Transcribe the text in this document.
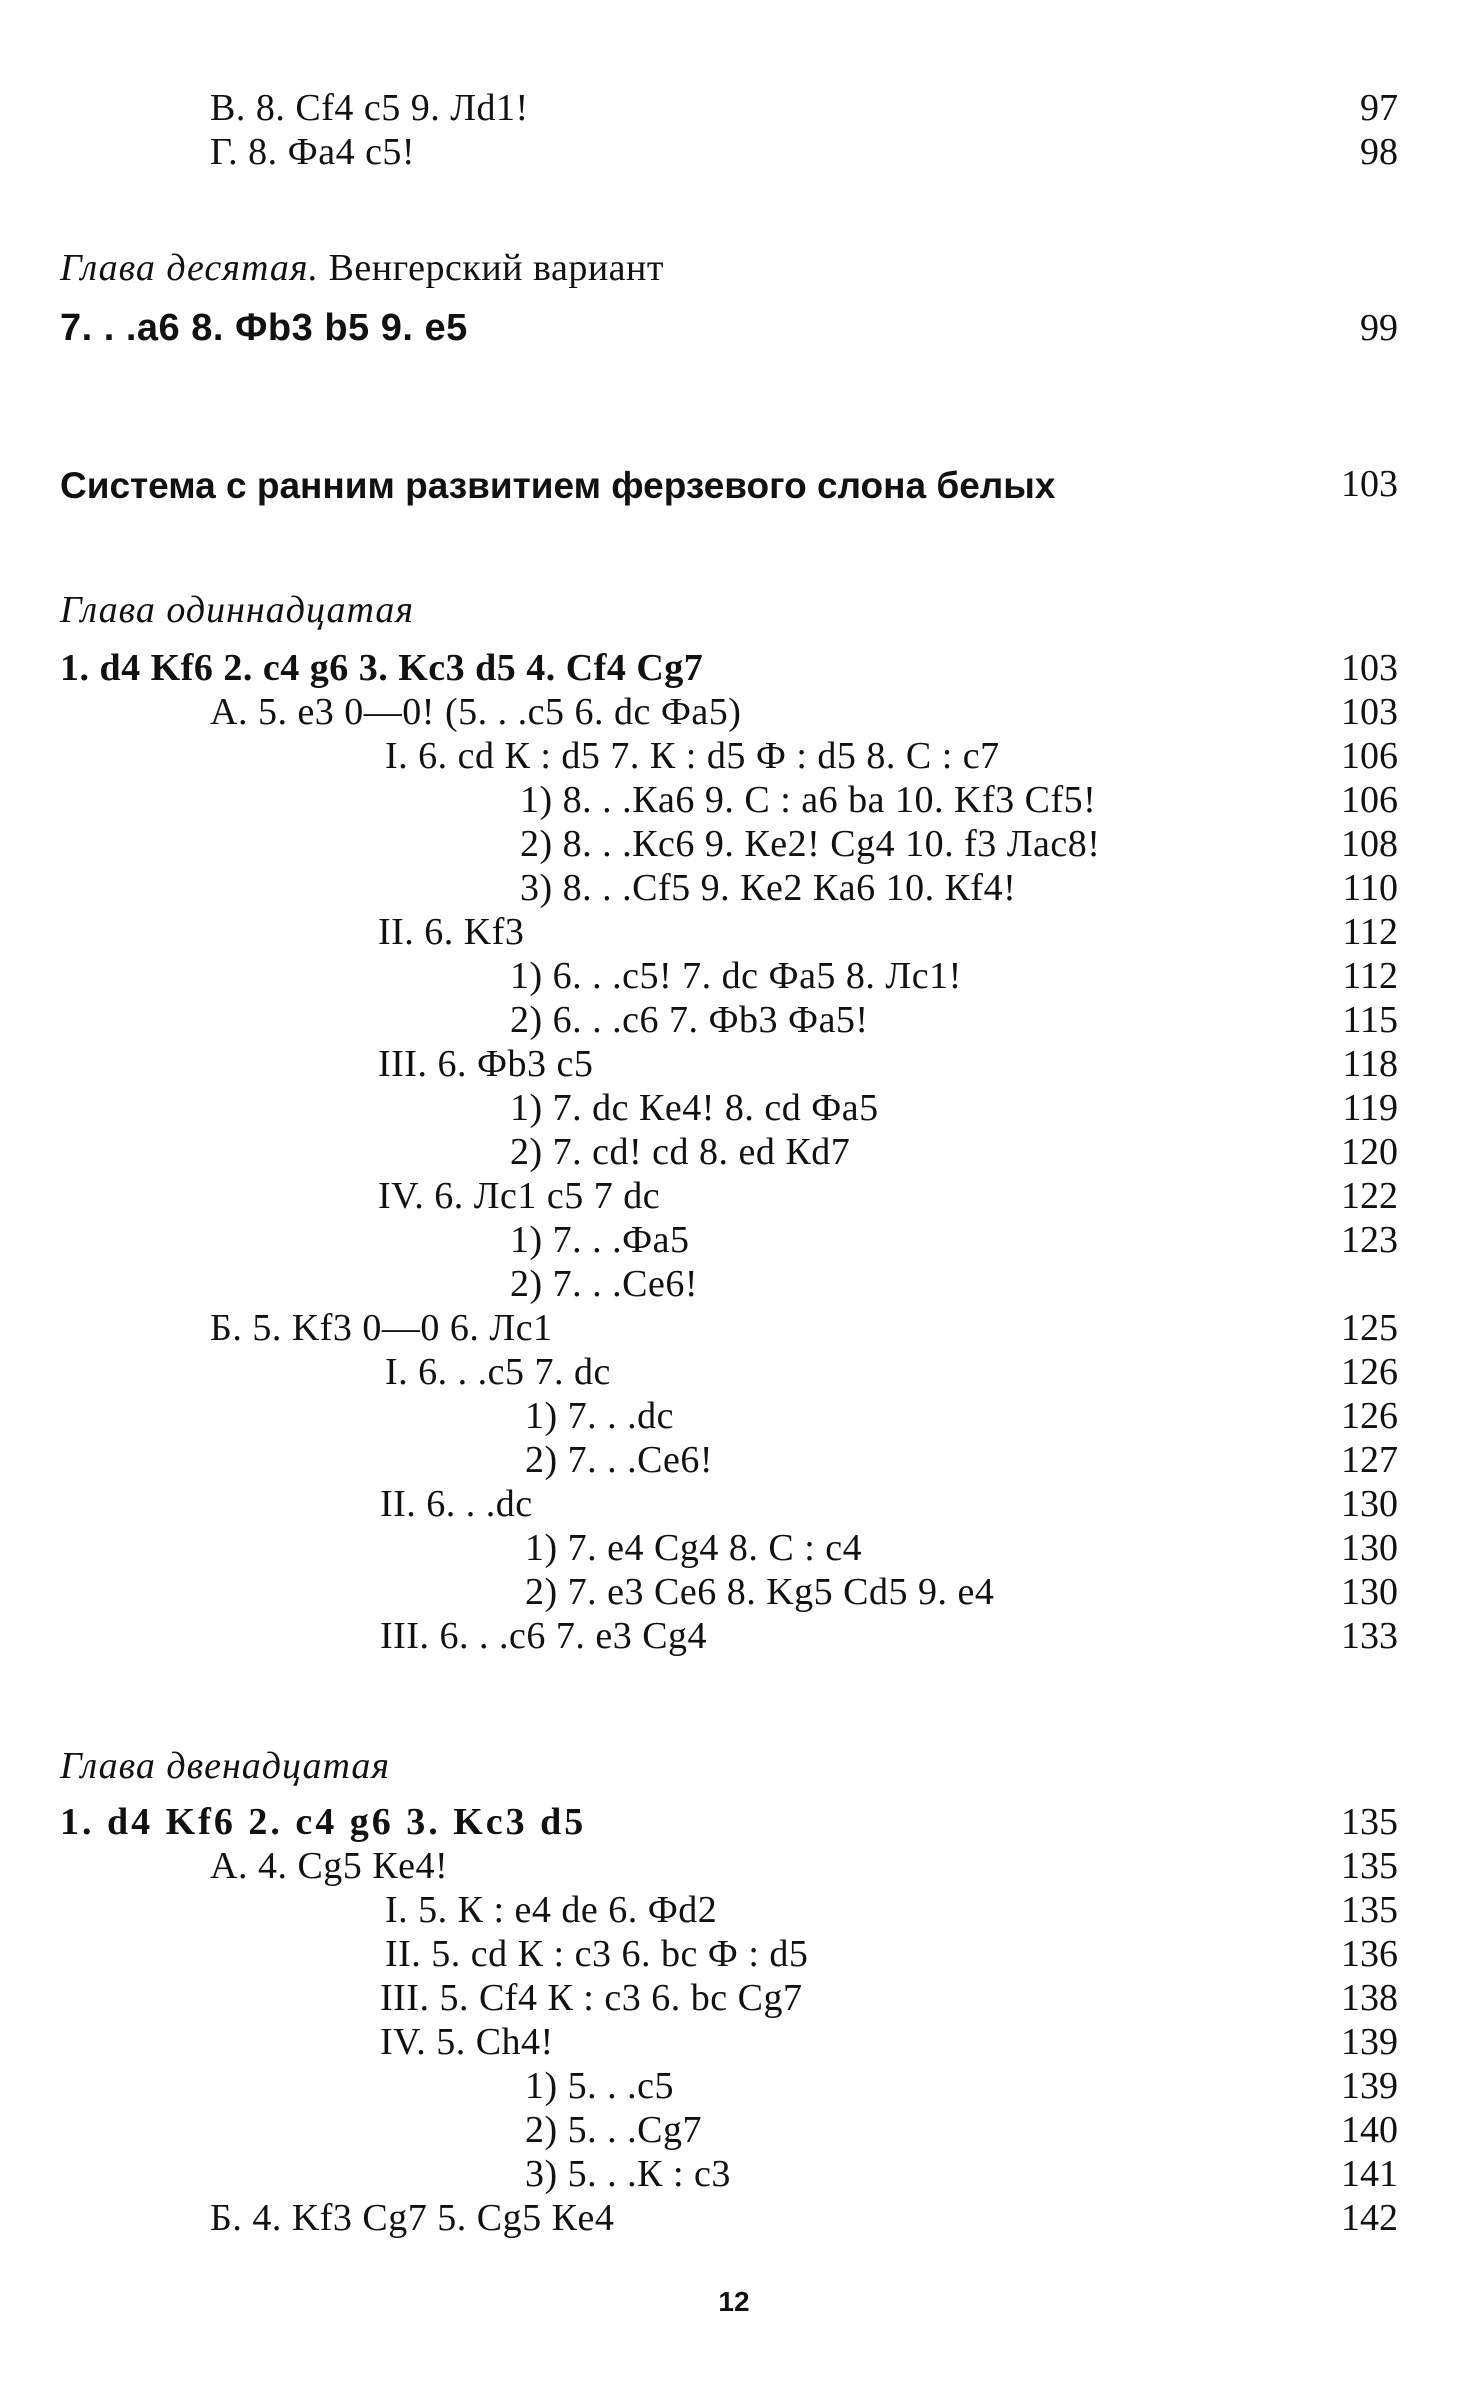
В. 8. Cf4 c5 9. Лd1!	97
Г. 8. Фa4 c5!	98
Глава десятая. Венгерский вариант
7. . .a6 8. Фb3 b5 9. e5	99
Система с ранним развитием ферзевого слона белых	103
Глава одиннадцатая
1. d4 Kf6 2. c4 g6 3. Kc3 d5 4. Cf4 Cg7	103
А. 5. e3 0—0! (5. . .c5 6. dc Фa5)	103
I. 6. cd К : d5 7. К : d5 Ф : d5 8. С : c7	106
1) 8. . .Кa6 9. С : a6 ba 10. Kf3 Cf5!	106
2) 8. . .Кc6 9. Кe2! Cg4 10. f3 Лас8!	108
3) 8. . .Cf5 9. Кe2 Кa6 10. Кf4!	110
II. 6. Kf3	112
1) 6. . .c5! 7. dc Фa5 8. Лc1!	112
2) 6. . .c6 7. Фb3 Фa5!	115
III. 6. Фb3 c5	118
1) 7. dc Кe4! 8. cd Фa5	119
2) 7. cd! cd 8. ed Кd7	120
IV. 6. Лc1 c5 7 dc	122
1) 7. . .Фa5	123
2) 7. . .Ce6!
Б. 5. Kf3 0—0 6. Лc1	125
I. 6. . .c5 7. dc	126
1) 7. . .dc	126
2) 7. . .Ce6!	127
II. 6. . .dc	130
1) 7. e4 Cg4 8. С : c4	130
2) 7. e3 Ce6 8. Kg5 Cd5 9. e4	130
III. 6. . .c6 7. e3 Cg4	133
Глава двенадцатая
1. d4 Kf6 2. c4 g6 3. Kc3 d5	135
А. 4. Cg5 Кe4!	135
I. 5. К : e4 de 6. Фd2	135
II. 5. cd К : c3 6. bc Ф : d5	136
III. 5. Cf4 К : c3 6. bc Cg7	138
IV. 5. Ch4!	139
1) 5. . .c5	139
2) 5. . .Cg7	140
3) 5. . .К : c3	141
Б. 4. Kf3 Cg7 5. Cg5 Кe4	142
12
